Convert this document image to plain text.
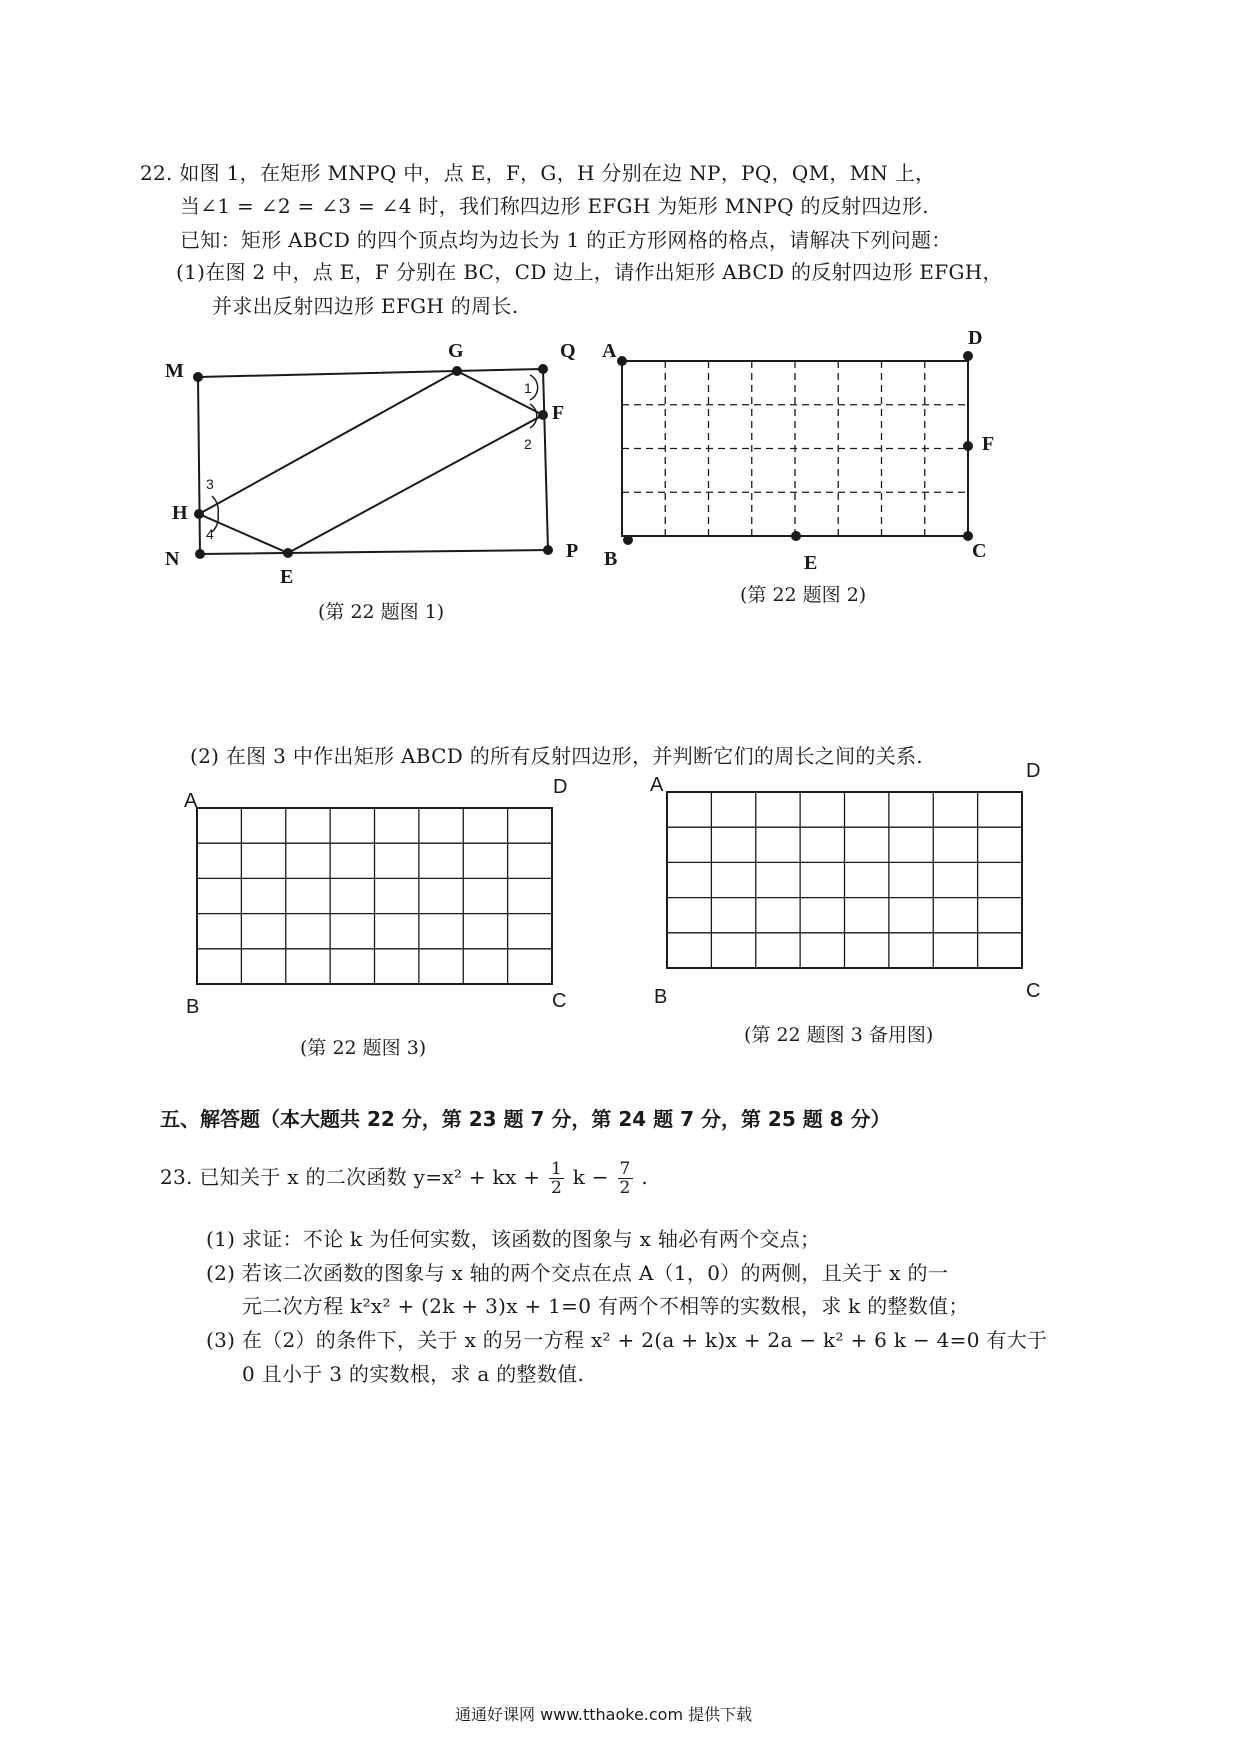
22. 如图 1，在矩形 MNPQ 中，点 E，F，G，H 分别在边 NP，PQ，QM，MN 上，
当∠1 = ∠2 = ∠3 = ∠4 时，我们称四边形 EFGH 为矩形 MNPQ 的反射四边形.
已知：矩形 ABCD 的四个顶点均为边长为 1 的正方形网格的格点，请解决下列问题：
(1)在图 2 中，点 E，F 分别在 BC，CD 边上，请作出矩形 ABCD 的反射四边形 EFGH，
并求出反射四边形 EFGH 的周长.
M
Q
P
N
E
F
G
H
1
2
3
4
(第 22 题图 1)
A
D
F
B	E
C
(第 22 题图 2)
(2) 在图 3 中作出矩形 ABCD 的所有反射四边形，并判断它们的周长之间的关系.
A
D
B	C
(第 22 题图 3)
A
D
B	C
(第 22 题图 3 备用图)
五、解答题（本大题共 22 分，第 23 题 7 分，第 24 题 7 分，第 25 题 8 分）
23. 已知关于 x 的二次函数 y=x² + kx + $\frac{1}{2}$ $k - \frac{7}{2}$ .
(1) 求证：不论 k 为任何实数，该函数的图象与 x 轴必有两个交点；
(2) 若该二次函数的图象与 x 轴的两个交点在点 A（1，0）的两侧，且关于 x 的一
元二次方程 k²x² + (2k + 3)x + 1=0 有两个不相等的实数根，求 k 的整数值；
(3) 在（2）的条件下，关于 x 的另一方程 x² + 2(a + k)x + 2a − k² + 6 k − 4=0 有大于
0 且小于 3 的实数根，求 a 的整数值.
通通好课网 www.tthaoke.com 提供下载
